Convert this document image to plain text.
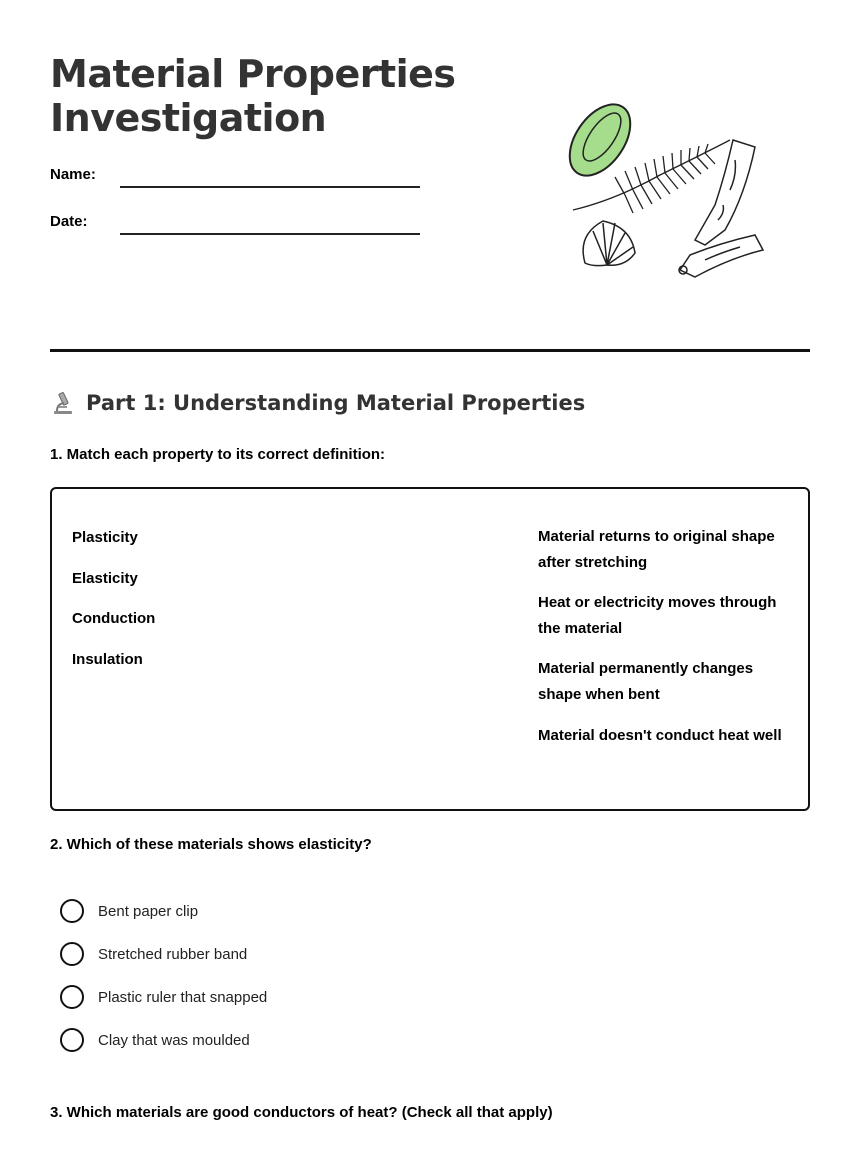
Material Properties
Investigation
Name:
Date:
Part 1: Understanding Material Properties

1. Match each property to its correct definition:

Plasticity
Elasticity
Conduction
Insulation
Material returns to original shape after stretching
Heat or electricity moves through the material
Material permanently changes shape when bent
Material doesn't conduct heat well

2. Which of these materials shows elasticity?

Bent paper clip
Stretched rubber band
Plastic ruler that snapped
Clay that was moulded

3. Which materials are good conductors of heat? (Check all that apply)
